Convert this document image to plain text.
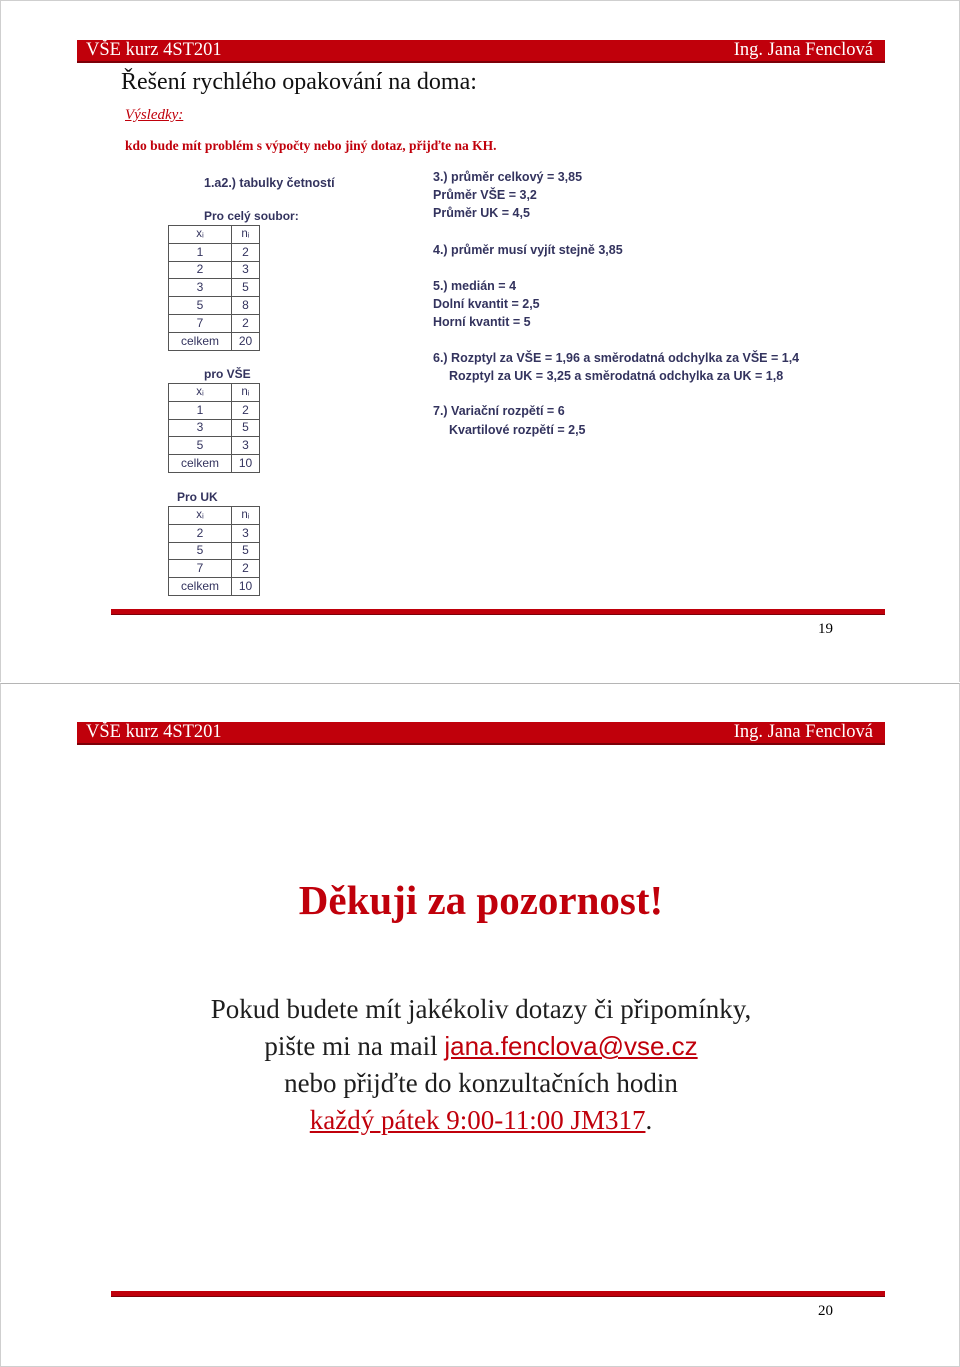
VŠE kurz 4ST201	Ing. Jana Fenclová
Řešení rychlého opakování na doma:
Výsledky:
kdo bude mít problém s výpočty nebo jiný dotaz, přijďte na KH.
1.a2.) tabulky četností
Pro celý soubor:
xᵢ	nᵢ
1	2
2	3
3	5
5	8
7	2
celkem	20
pro VŠE
xᵢ	nᵢ
1	2
3	5
5	3
celkem	10
Pro UK
xᵢ	nᵢ
2	3
5	5
7	2
celkem	10
3.) průměr celkový = 3,85
Průměr VŠE = 3,2
Průměr UK = 4,5
4.) průměr musí vyjít stejně 3,85
5.) medián = 4
Dolní kvantit = 2,5
Horní kvantit = 5
6.) Rozptyl za VŠE = 1,96 a směrodatná odchylka za VŠE = 1,4
Rozptyl za UK = 3,25 a směrodatná odchylka za UK = 1,8
7.) Variační rozpětí = 6
Kvartilové rozpětí = 2,5
19
VŠE kurz 4ST201	Ing. Jana Fenclová
Děkuji za pozornost!
Pokud budete mít jakékoliv dotazy či připomínky,
pište mi na mail jana.fenclova@vse.cz
nebo přijďte do konzultačních hodin
každý pátek 9:00-11:00 JM317.
20
